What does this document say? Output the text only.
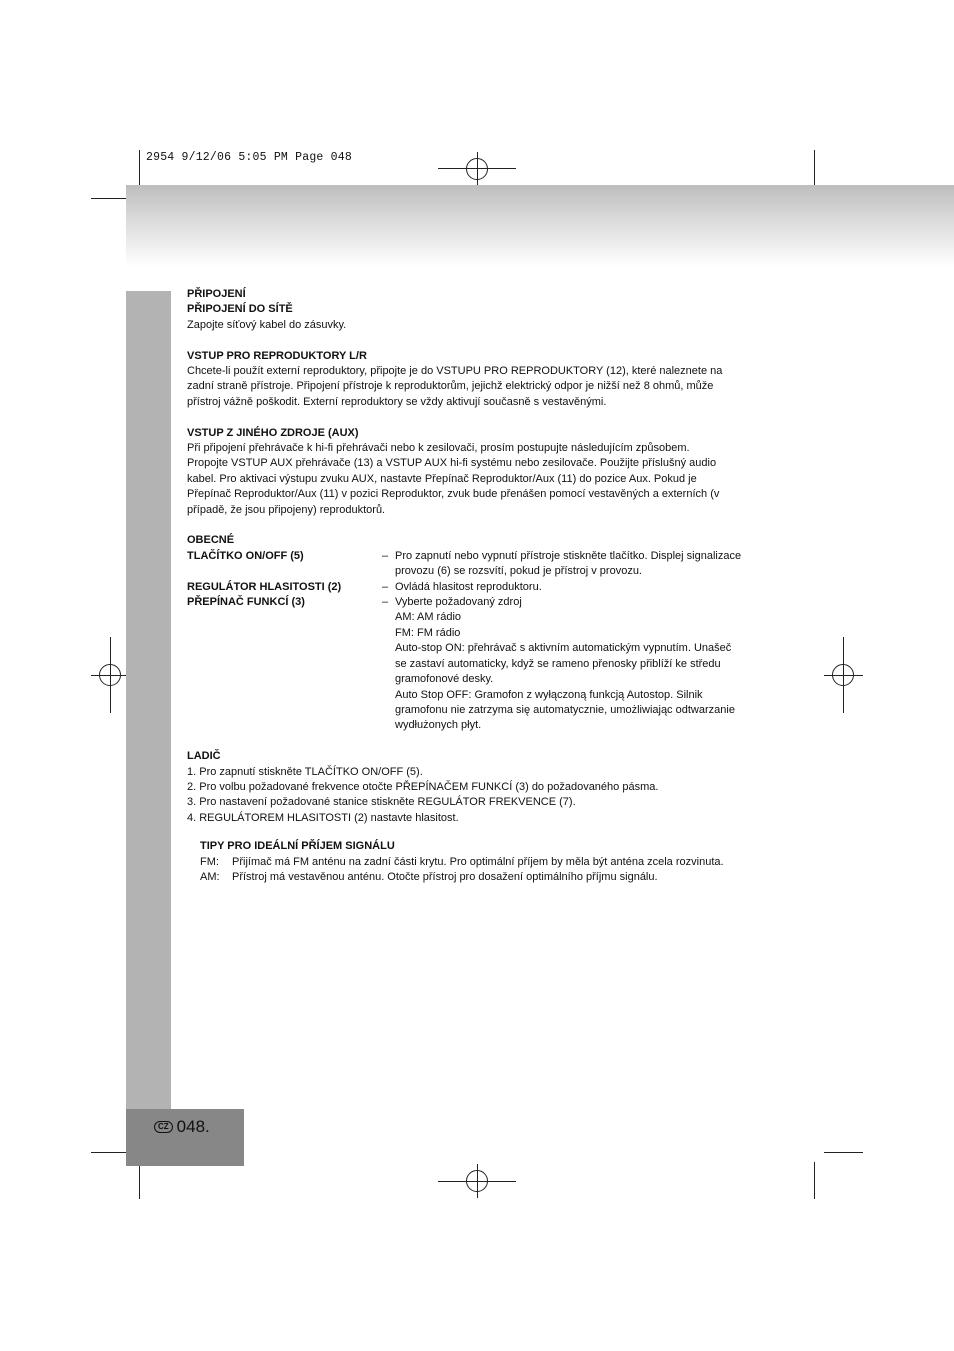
2954 9/12/06 5:05 PM Page 048
CZ 048.

PŘIPOJENÍ

PŘIPOJENÍ DO SÍTĚ

Zapojte síťový kabel do zásuvky.

VSTUP PRO REPRODUKTORY L/R

Chcete-li použít externí reproduktory, připojte je do VSTUPU PRO REPRODUKTORY (12), které naleznete na

zadní straně přístroje. Připojení přístroje k reproduktorům, jejichž elektrický odpor je nižší než 8 ohmů, může

přístroj vážně poškodit. Externí reproduktory se vždy aktivují současně s vestavěnými.

VSTUP Z JINÉHO ZDROJE (AUX)

Při připojení přehrávače k hi-fi přehrávači nebo k zesilovači, prosím postupujte následujícím způsobem.

Propojte VSTUP AUX přehrávače (13) a VSTUP AUX hi-fi systému nebo zesilovače. Použijte příslušný audio

kabel. Pro aktivaci výstupu zvuku AUX, nastavte Přepínač Reproduktor/Aux (11) do pozice Aux. Pokud je

Přepínač Reproduktor/Aux (11) v pozici Reproduktor, zvuk bude přenášen pomocí vestavěných a externích (v

případě, že jsou připojeny) reproduktorů.

OBECNÉ

TLAČÍTKO ON/OFF (5)	– Pro zapnutí nebo vypnutí přístroje stiskněte tlačítko. Displej signalizace

provozu (6) se rozsvítí, pokud je přístroj v provozu.

REGULÁTOR HLASITOSTI (2)	– Ovládá hlasitost reproduktoru.
PŘEPÍNAČ FUNKCÍ (3)	– Vyberte požadovaný zdroj

AM: AM rádio

FM: FM rádio

Auto-stop ON: přehrávač s aktivním automatickým vypnutím. Unašeč

se zastaví automaticky, když se rameno přenosky přiblíží ke středu

gramofonové desky.

Auto Stop OFF: Gramofon z wyłączoną funkcją Autostop. Silnik

gramofonu nie zatrzyma się automatycznie, umożliwiając odtwarzanie

wydłużonych płyt.

LADIČ

1. Pro zapnutí stiskněte TLAČÍTKO ON/OFF (5).

2. Pro volbu požadované frekvence otočte PŘEPÍNAČEM FUNKCÍ (3) do požadovaného pásma.

3. Pro nastavení požadované stanice stiskněte REGULÁTOR FREKVENCE (7).

4. REGULÁTOREM HLASITOSTI (2) nastavte hlasitost.

TIPY PRO IDEÁLNÍ PŘÍJEM SIGNÁLU

FM:	Přijímač má FM anténu na zadní části krytu. Pro optimální příjem by měla být anténa zcela rozvinuta.
AM:	Přístroj má vestavěnou anténu. Otočte přístroj pro dosažení optimálního příjmu signálu.
